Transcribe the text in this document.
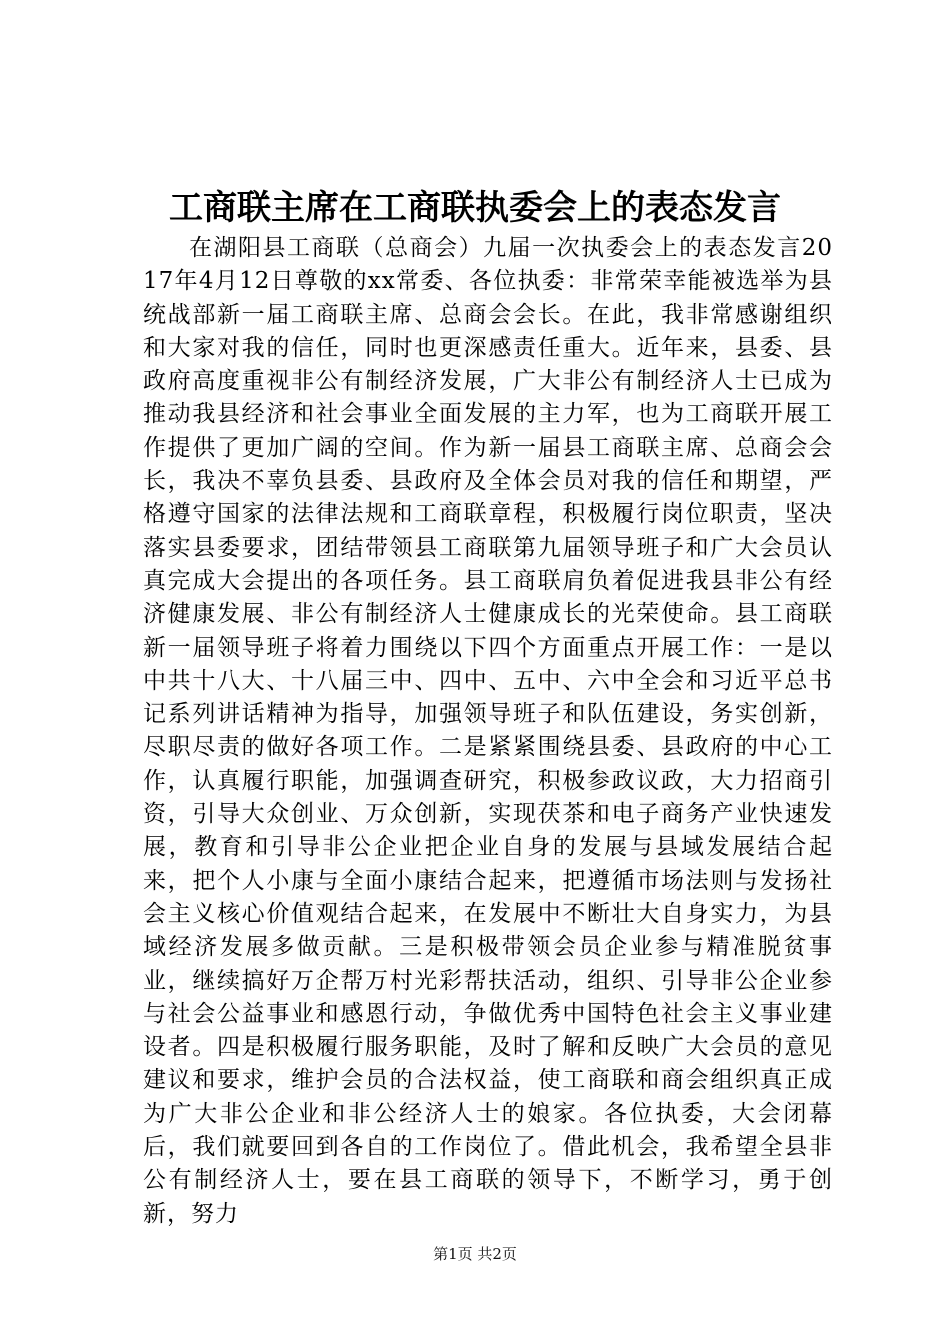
工商联主席在工商联执委会上的表态发言

在湖阳县工商联（总商会）九届一次执委会上的表态发言2017年4月12日尊敬的xx常委、各位执委：非常荣幸能被选举为县统战部新一届工商联主席、总商会会长。在此，我非常感谢组织和大家对我的信任，同时也更深感责任重大。近年来，县委、县政府高度重视非公有制经济发展，广大非公有制经济人士已成为推动我县经济和社会事业全面发展的主力军，也为工商联开展工作提供了更加广阔的空间。作为新一届县工商联主席、总商会会长，我决不辜负县委、县政府及全体会员对我的信任和期望，严格遵守国家的法律法规和工商联章程，积极履行岗位职责，坚决落实县委要求，团结带领县工商联第九届领导班子和广大会员认真完成大会提出的各项任务。县工商联肩负着促进我县非公有经济健康发展、非公有制经济人士健康成长的光荣使命。县工商联新一届领导班子将着力围绕以下四个方面重点开展工作：一是以中共十八大、十八届三中、四中、五中、六中全会和习近平总书记系列讲话精神为指导，加强领导班子和队伍建设，务实创新，尽职尽责的做好各项工作。二是紧紧围绕县委、县政府的中心工作，认真履行职能，加强调查研究，积极参政议政，大力招商引资，引导大众创业、万众创新，实现茯茶和电子商务产业快速发展，教育和引导非公企业把企业自身的发展与县域发展结合起来，把个人小康与全面小康结合起来，把遵循市场法则与发扬社会主义核心价值观结合起来，在发展中不断壮大自身实力，为县域经济发展多做贡献。三是积极带领会员企业参与精准脱贫事业，继续搞好万企帮万村光彩帮扶活动，组织、引导非公企业参与社会公益事业和感恩行动，争做优秀中国特色社会主义事业建设者。四是积极履行服务职能，及时了解和反映广大会员的意见建议和要求，维护会员的合法权益，使工商联和商会组织真正成为广大非公企业和非公经济人士的娘家。各位执委，大会闭幕后，我们就要回到各自的工作岗位了。借此机会，我希望全县非公有制经济人士，要在县工商联的领导下，不断学习，勇于创新，努力

第1页 共2页
